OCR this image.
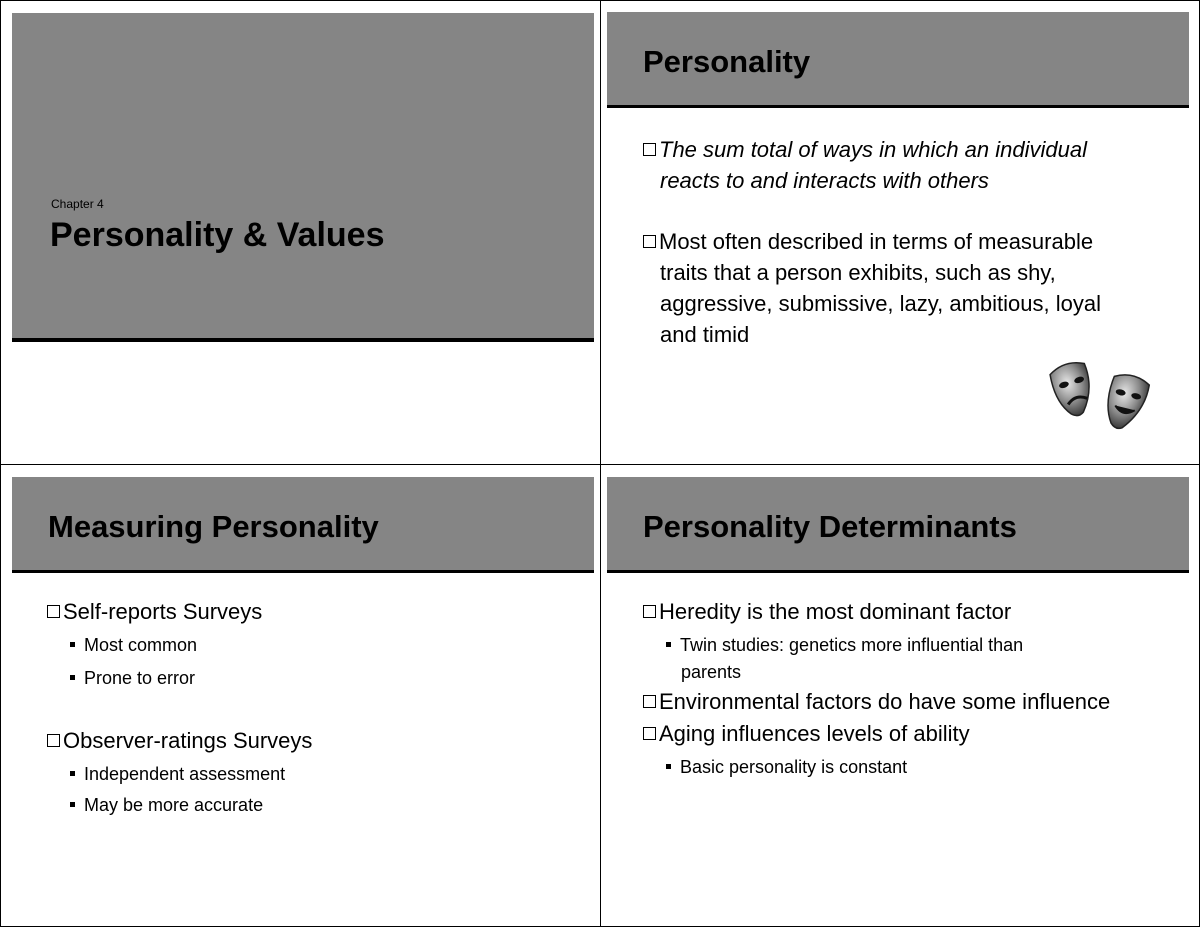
Chapter 4
Personality & Values
Personality
The sum total of ways in which an individual
reacts to and interacts with others
Most often described in terms of measurable
traits that a person exhibits, such as shy,
aggressive, submissive, lazy, ambitious, loyal
and timid
Measuring Personality
Self-reports Surveys
Most common
Prone to error
Observer-ratings Surveys
Independent assessment
May be more accurate
Personality Determinants
Heredity is the most dominant factor
Twin studies: genetics more influential than
parents
Environmental factors do have some influence
Aging influences levels of ability
Basic personality is constant
